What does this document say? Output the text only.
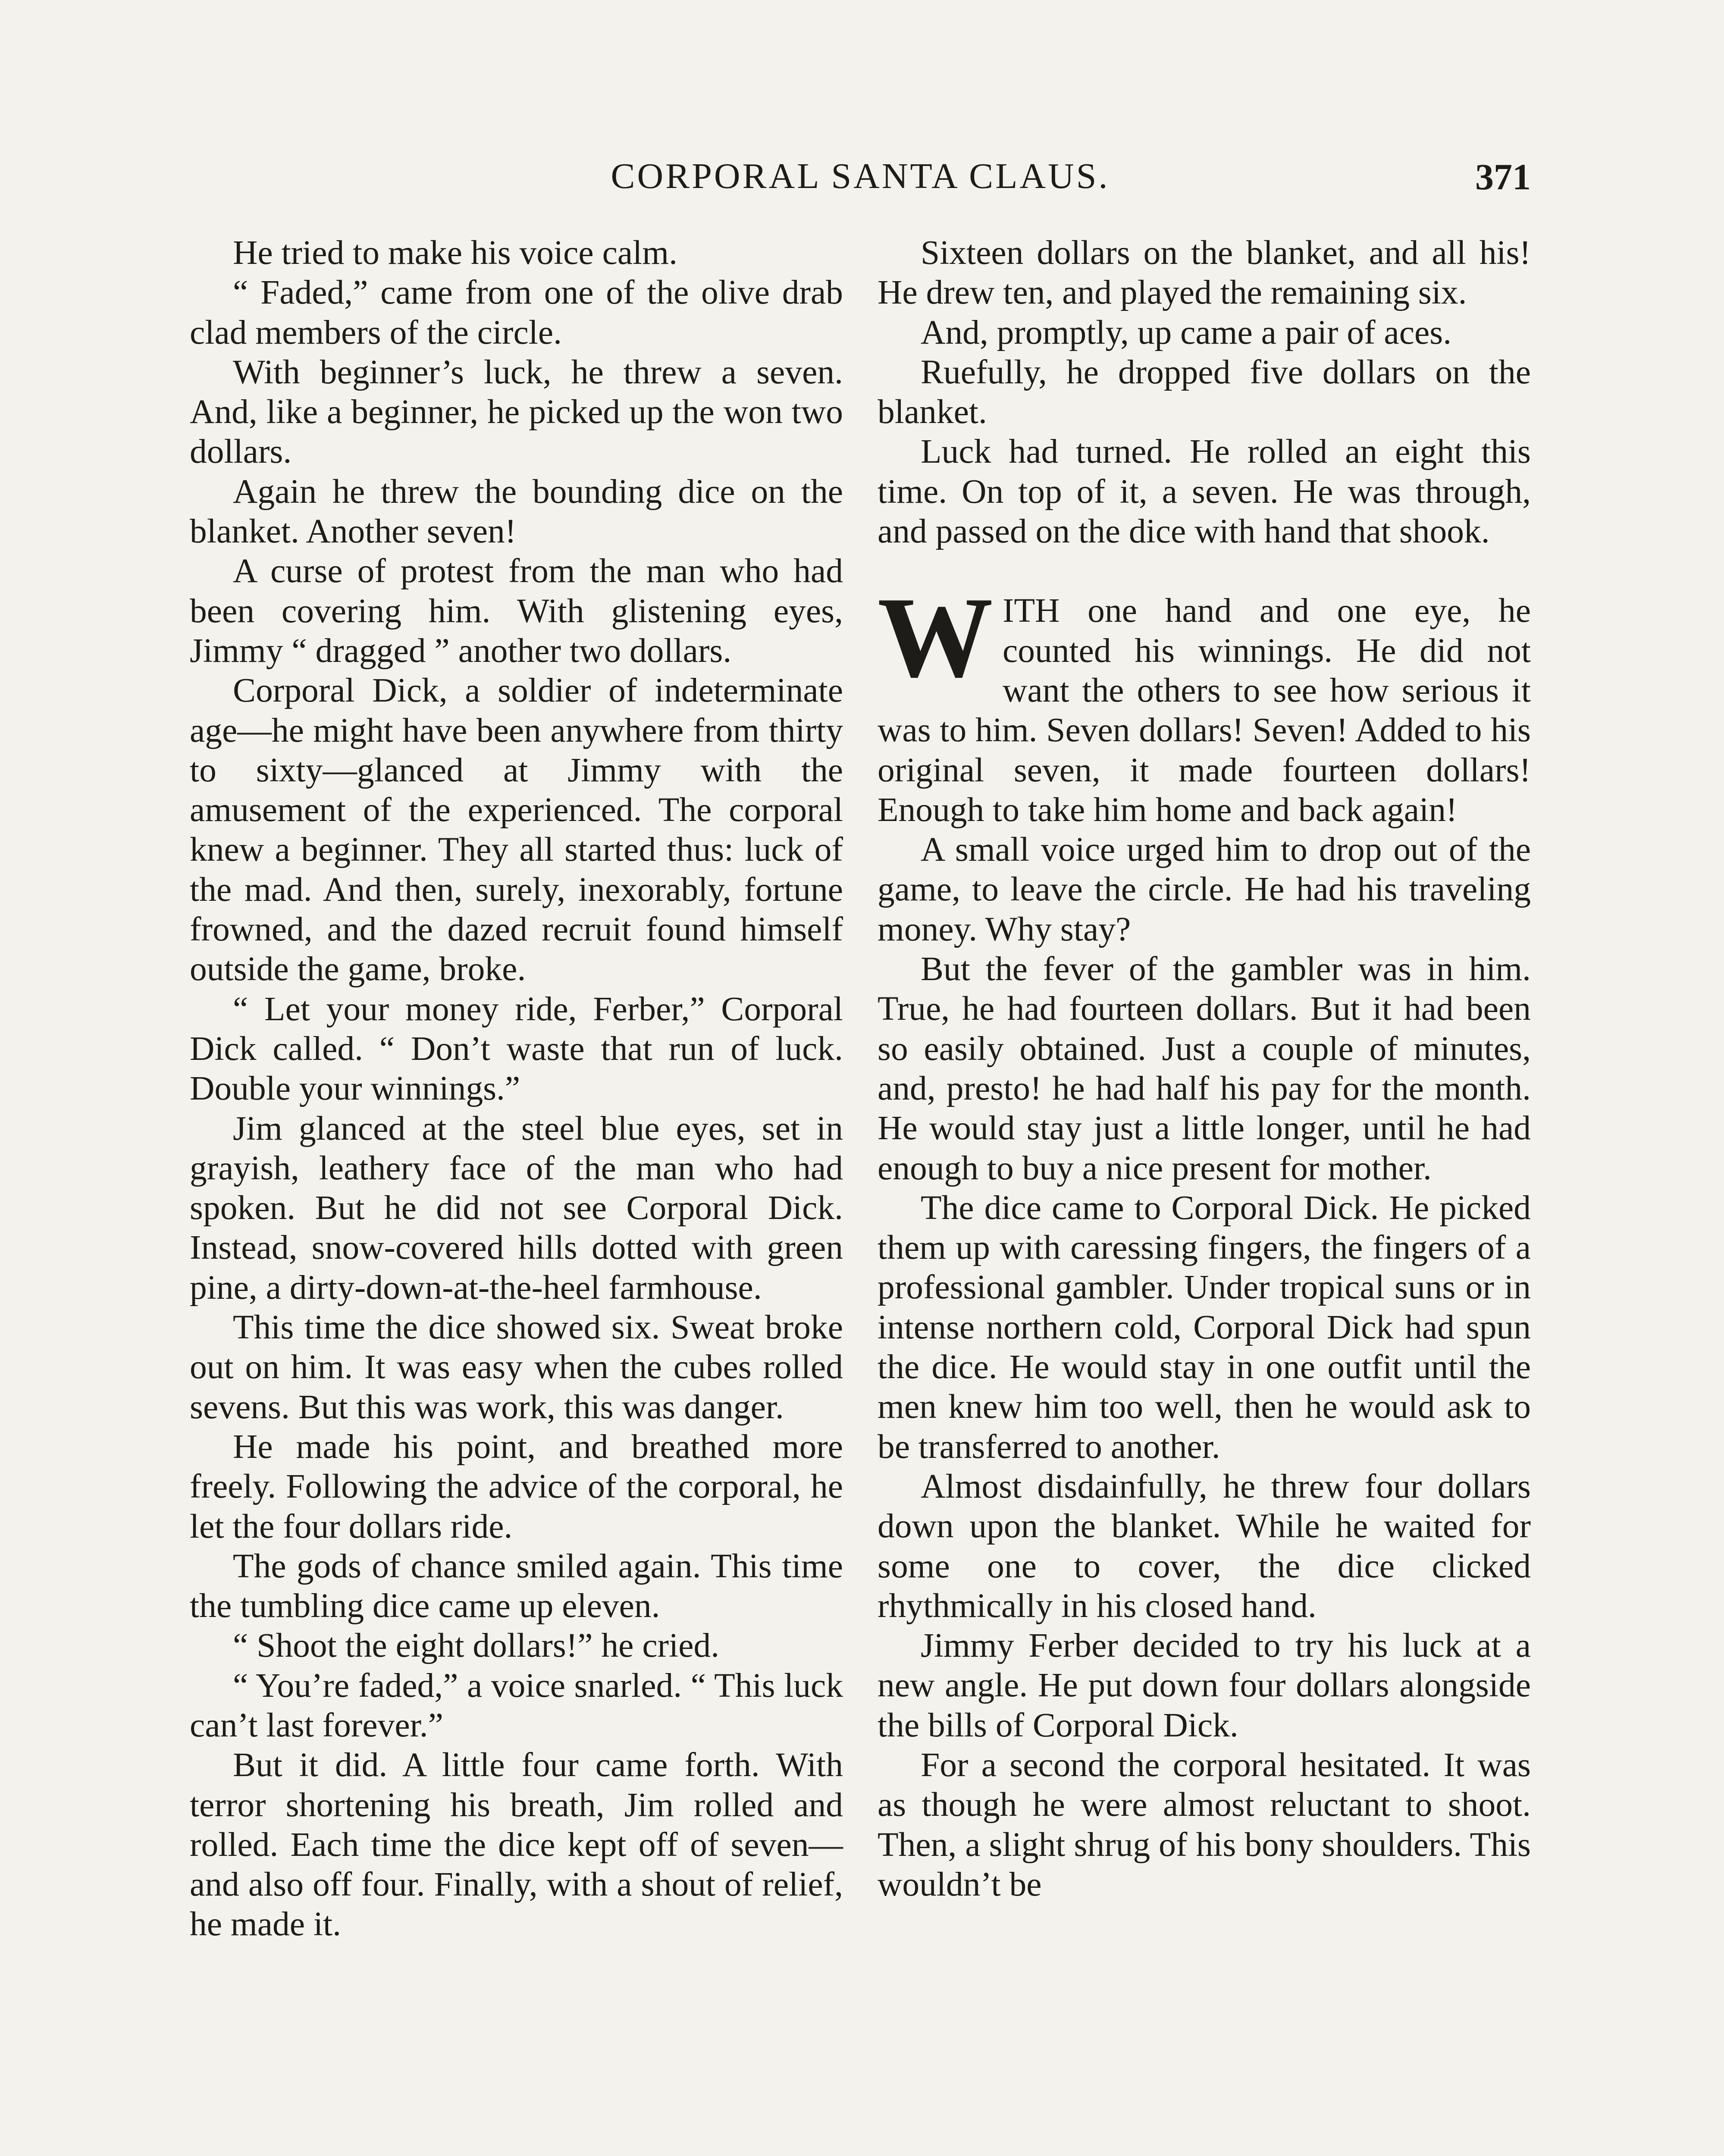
CORPORAL SANTA CLAUS.	371

He tried to make his voice calm.

“ Faded,” came from one of the olive drab clad members of the circle.

With beginner’s luck, he threw a seven. And, like a beginner, he picked up the won two dollars.

Again he threw the bounding dice on the blanket. Another seven!

A curse of protest from the man who had been covering him. With glistening eyes, Jimmy “ dragged ” another two dollars.

Corporal Dick, a soldier of indeterminate age—he might have been anywhere from thirty to sixty—glanced at Jimmy with the amusement of the experienced. The corporal knew a beginner. They all started thus: luck of the mad. And then, surely, inexorably, fortune frowned, and the dazed recruit found himself outside the game, broke.

“ Let your money ride, Ferber,” Corporal Dick called. “ Don’t waste that run of luck. Double your winnings.”

Jim glanced at the steel blue eyes, set in grayish, leathery face of the man who had spoken. But he did not see Corporal Dick. Instead, snow-covered hills dotted with green pine, a dirty-down-at-the-heel farmhouse.

This time the dice showed six. Sweat broke out on him. It was easy when the cubes rolled sevens. But this was work, this was danger.

He made his point, and breathed more freely. Following the advice of the corporal, he let the four dollars ride.

The gods of chance smiled again. This time the tumbling dice came up eleven.

“ Shoot the eight dollars!” he cried.

“ You’re faded,” a voice snarled. “ This luck can’t last forever.”

But it did. A little four came forth. With terror shortening his breath, Jim rolled and rolled. Each time the dice kept off of seven—and also off four. Finally, with a shout of relief, he made it.

Sixteen dollars on the blanket, and all his! He drew ten, and played the remaining six.

And, promptly, up came a pair of aces.

Ruefully, he dropped five dollars on the blanket.

Luck had turned. He rolled an eight this time. On top of it, a seven. He was through, and passed on the dice with hand that shook.

W ITH one hand and one eye, he counted his winnings. He did not want the others to see how serious it was to him. Seven dollars! Seven! Added to his original seven, it made fourteen dollars! Enough to take him home and back again!

A small voice urged him to drop out of the game, to leave the circle. He had his traveling money. Why stay?

But the fever of the gambler was in him. True, he had fourteen dollars. But it had been so easily obtained. Just a couple of minutes, and, presto! he had half his pay for the month. He would stay just a little longer, until he had enough to buy a nice present for mother.

The dice came to Corporal Dick. He picked them up with caressing fingers, the fingers of a professional gambler. Under tropical suns or in intense northern cold, Corporal Dick had spun the dice. He would stay in one outfit until the men knew him too well, then he would ask to be transferred to another.

Almost disdainfully, he threw four dollars down upon the blanket. While he waited for some one to cover, the dice clicked rhythmically in his closed hand.

Jimmy Ferber decided to try his luck at a new angle. He put down four dollars alongside the bills of Corporal Dick.

For a second the corporal hesitated. It was as though he were almost reluctant to shoot. Then, a slight shrug of his bony shoulders. This wouldn’t be
